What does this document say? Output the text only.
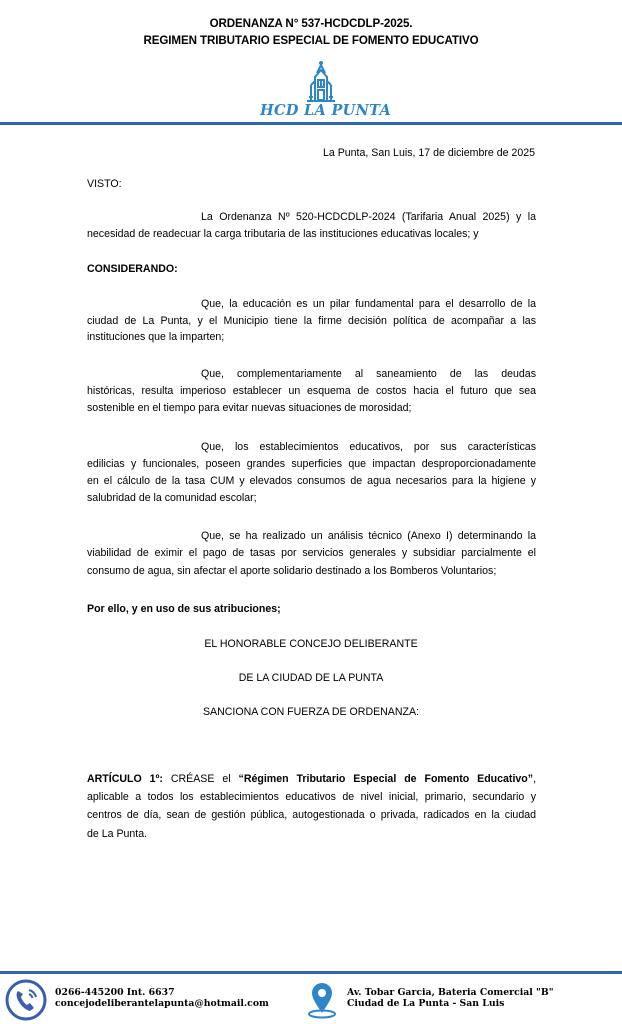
ORDENANZA N° 537-HCDCDLP-2025.
REGIMEN TRIBUTARIO ESPECIAL DE FOMENTO EDUCATIVO
HCD LA PUNTA
La Punta, San Luis, 17 de diciembre de 2025
VISTO:
La Ordenanza Nº 520-HCDCDLP-2024 (Tarifaria Anual 2025) y la
necesidad de readecuar la carga tributaria de las instituciones educativas locales; y
CONSIDERANDO:
Que, la educación es un pilar fundamental para el desarrollo de la
ciudad de La Punta, y el Municipio tiene la firme decisión política de acompañar a las
instituciones que la imparten;
Que, complementariamente al saneamiento de las deudas
históricas, resulta imperioso establecer un esquema de costos hacia el futuro que sea
sostenible en el tiempo para evitar nuevas situaciones de morosidad;
Que, los establecimientos educativos, por sus características
edilicias y funcionales, poseen grandes superficies que impactan desproporcionadamente
en el cálculo de la tasa CUM y elevados consumos de agua necesarios para la higiene y
salubridad de la comunidad escolar;
Que, se ha realizado un análisis técnico (Anexo I) determinando la
viabilidad de eximir el pago de tasas por servicios generales y subsidiar parcialmente el
consumo de agua, sin afectar el aporte solidario destinado a los Bomberos Voluntarios;
Por ello, y en uso de sus atribuciones;
EL HONORABLE CONCEJO DELIBERANTE
DE LA CIUDAD DE LA PUNTA
SANCIONA CON FUERZA DE ORDENANZA:
ARTÍCULO 1º: CRÉASE el “Régimen Tributario Especial de Fomento Educativo”,
aplicable a todos los establecimientos educativos de nivel inicial, primario, secundario y
centros de día, sean de gestión pública, autogestionada o privada, radicados en la ciudad
de La Punta.
0266-445200 Int. 6637
concejodeliberantelapunta@hotmail.com
Av. Tobar Garcia, Bateria Comercial "B"
Ciudad de La Punta - San Luis
